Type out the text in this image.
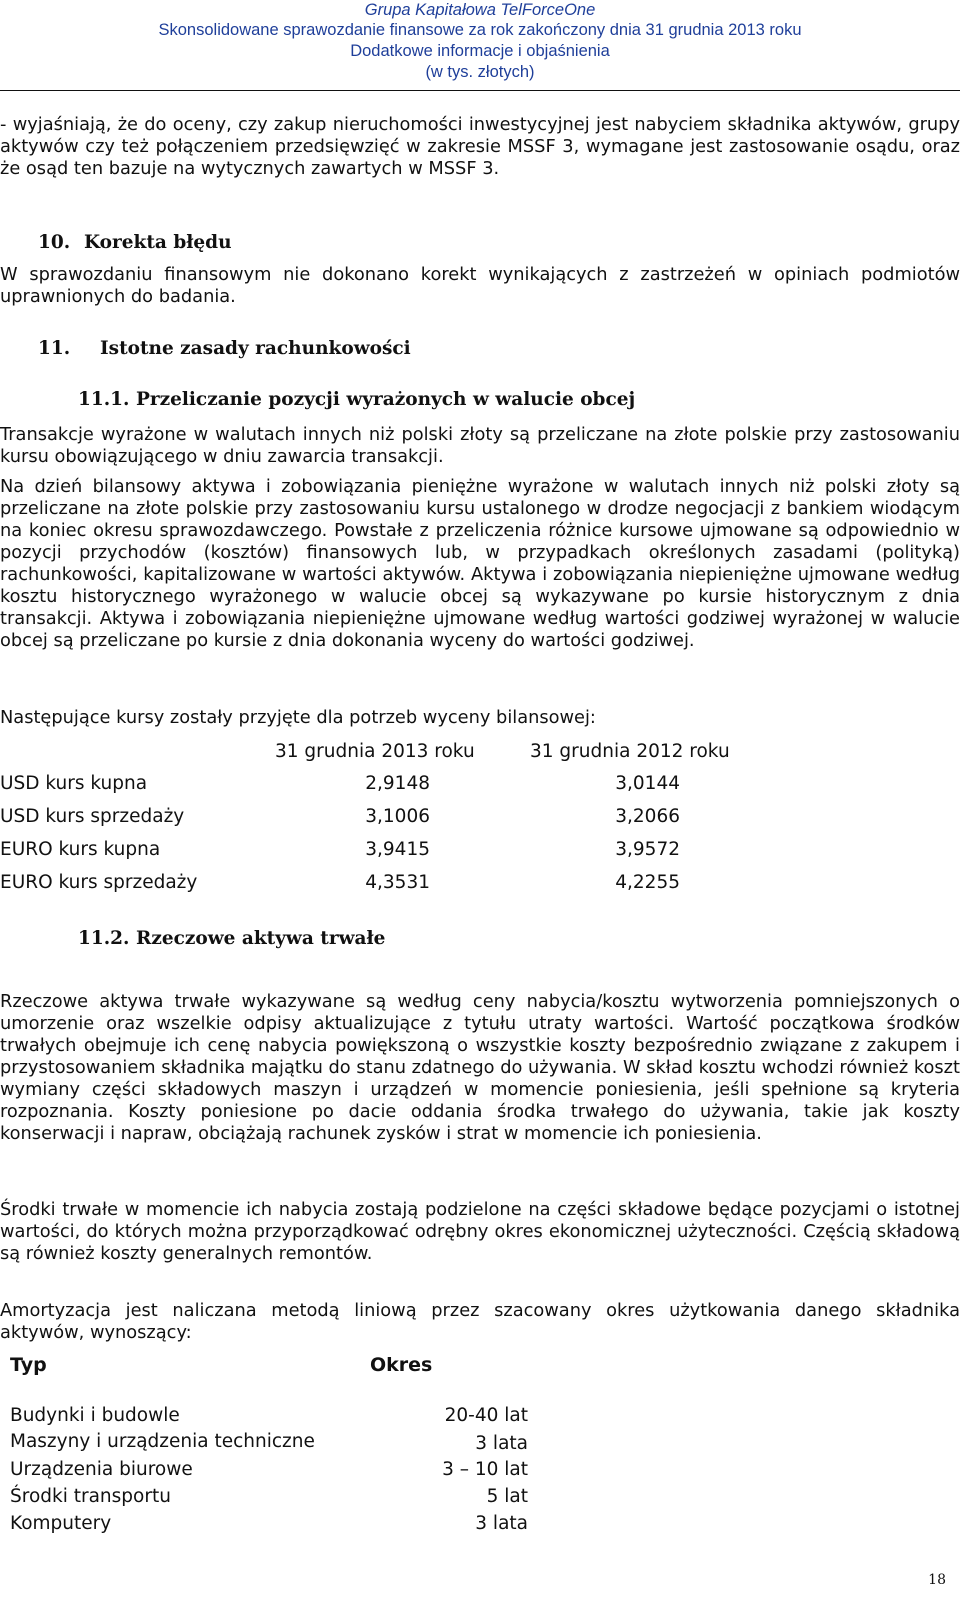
Grupa Kapitałowa TelForceOne
Skonsolidowane sprawozdanie finansowe za rok zakończony dnia 31 grudnia 2013 roku
Dodatkowe informacje i objaśnienia
(w tys. złotych)
- wyjaśniają, że do oceny, czy zakup nieruchomości inwestycyjnej jest nabyciem składnika aktywów, grupy aktywów czy też połączeniem przedsięwzięć w zakresie MSSF 3, wymagane jest zastosowanie osądu, oraz że osąd ten bazuje na wytycznych zawartych w MSSF 3.
10. Korekta błędu
W sprawozdaniu finansowym nie dokonano korekt wynikających z zastrzeżeń w opiniach podmiotów uprawnionych do badania.
11. Istotne zasady rachunkowości
11.1. Przeliczanie pozycji wyrażonych w walucie obcej
Transakcje wyrażone w walutach innych niż polski złoty są przeliczane na złote polskie przy zastosowaniu kursu obowiązującego w dniu zawarcia transakcji.
Na dzień bilansowy aktywa i zobowiązania pieniężne wyrażone w walutach innych niż polski złoty są przeliczane na złote polskie przy zastosowaniu kursu ustalonego w drodze negocjacji z bankiem wiodącym na koniec okresu sprawozdawczego. Powstałe z przeliczenia różnice kursowe ujmowane są odpowiednio w pozycji przychodów (kosztów) finansowych lub, w przypadkach określonych zasadami (polityką) rachunkowości, kapitalizowane w wartości aktywów. Aktywa i zobowiązania niepieniężne ujmowane według kosztu historycznego wyrażonego w walucie obcej są wykazywane po kursie historycznym z dnia transakcji. Aktywa i zobowiązania niepieniężne ujmowane według wartości godziwej wyrażonej w walucie obcej są przeliczane po kursie z dnia dokonania wyceny do wartości godziwej.
Następujące kursy zostały przyjęte dla potrzeb wyceny bilansowej:
31 grudnia 2013 roku	31 grudnia 2012 roku
USD kurs kupna	2,9148	3,0144
USD kurs sprzedaży	3,1006	3,2066
EURO kurs kupna	3,9415	3,9572
EURO kurs sprzedaży	4,3531	4,2255
11.2. Rzeczowe aktywa trwałe
Rzeczowe aktywa trwałe wykazywane są według ceny nabycia/kosztu wytworzenia pomniejszonych o umorzenie oraz wszelkie odpisy aktualizujące z tytułu utraty wartości. Wartość początkowa środków trwałych obejmuje ich cenę nabycia powiększoną o wszystkie koszty bezpośrednio związane z zakupem i przystosowaniem składnika majątku do stanu zdatnego do używania. W skład kosztu wchodzi również koszt wymiany części składowych maszyn i urządzeń w momencie poniesienia, jeśli spełnione są kryteria rozpoznania. Koszty poniesione po dacie oddania środka trwałego do używania, takie jak koszty konserwacji i napraw, obciążają rachunek zysków i strat w momencie ich poniesienia.
Środki trwałe w momencie ich nabycia zostają podzielone na części składowe będące pozycjami o istotnej wartości, do których można przyporządkować odrębny okres ekonomicznej użyteczności. Częścią składową są również koszty generalnych remontów.
Amortyzacja jest naliczana metodą liniową przez szacowany okres użytkowania danego składnika aktywów, wynoszący:
Typ	Okres
Budynki i budowle	20-40 lat
Maszyny i urządzenia techniczne	3 lata
Urządzenia biurowe	3 – 10 lat
Środki transportu	5 lat
Komputery	3 lata
18
